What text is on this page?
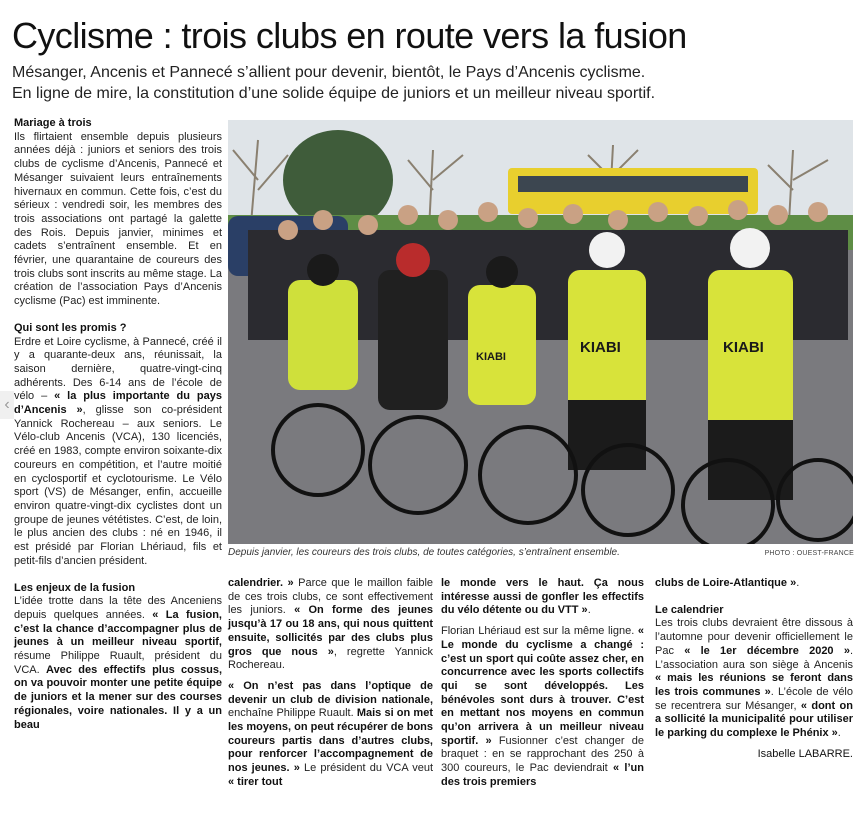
Cyclisme : trois clubs en route vers la fusion

Mésanger, Ancenis et Pannecé s’allient pour devenir, bientôt, le Pays d’Ancenis cyclisme.

En ligne de mire, la constitution d’une solide équipe de juniors et un meilleur niveau sportif.

‹

Mariage à trois

Ils flirtaient ensemble depuis plusieurs années déjà : juniors et seniors des trois clubs de cyclisme d’Ancenis, Pannecé et Mésanger suivaient leurs entraînements hivernaux en commun. Cette fois, c’est du sérieux : vendredi soir, les membres des trois associations ont partagé la galette des Rois. Depuis janvier, minimes et cadets s’entraînent ensemble. Et en février, une quarantaine de coureurs des trois clubs sont inscrits au même stage. La création de l’association Pays d’Ancenis cyclisme (Pac) est imminente.

Qui sont les promis ?

Erdre et Loire cyclisme, à Pannecé, créé il y a quarante-deux ans, réunissait, la saison dernière, quatre-vingt-cinq adhérents. Des 6-14 ans de l’école de vélo – « la plus importante du pays d’Ancenis », glisse son co-président Yannick Rochereau – aux seniors. Le Vélo-club Ancenis (VCA), 130 licenciés, créé en 1983, compte environ soixante-dix coureurs en compétition, et l’autre moitié en cyclosportif et cyclotourisme. Le Vélo sport (VS) de Mésanger, enfin, accueille environ quatre-vingt-dix cyclistes dont un groupe de jeunes vététistes. C’est, de loin, le plus ancien des clubs : né en 1946, il est présidé par Florian Lhériaud, fils et petit-fils d’ancien président.

Les enjeux de la fusion

L’idée trotte dans la tête des Anceniens depuis quelques années. « La fusion, c’est la chance d’accompagner plus de jeunes à un meilleur niveau sportif, résume Philippe Ruault, président du VCA. Avec des effectifs plus cossus, on va pouvoir monter une petite équipe de juniors et la mener sur des courses régionales, voire nationales. Il y a un beau

KIABI	KIABI
KIABI
Depuis janvier, les coureurs des trois clubs, de toutes catégories, s’entraînent ensemble.	PHOTO : OUEST-FRANCE

calendrier. » Parce que le maillon faible de ces trois clubs, ce sont effectivement les juniors. « On forme des jeunes jusqu’à 17 ou 18 ans, qui nous quittent ensuite, sollicités par des clubs plus gros que nous », regrette Yannick Rochereau.

« On n’est pas dans l’optique de devenir un club de division nationale, enchaîne Philippe Ruault. Mais si on met les moyens, on peut récupérer de bons coureurs partis dans d’autres clubs, pour renforcer l’accompagnement de nos jeunes. » Le président du VCA veut « tirer tout

le monde vers le haut. Ça nous intéresse aussi de gonfler les effectifs du vélo détente ou du VTT ».

Florian Lhériaud est sur la même ligne. « Le monde du cyclisme a changé : c’est un sport qui coûte assez cher, en concurrence avec les sports collectifs qui se sont développés. Les bénévoles sont durs à trouver. C’est en mettant nos moyens en commun qu’on arrivera à un meilleur niveau sportif. » Fusionner c’est changer de braquet : en se rapprochant des 250 à 300 coureurs, le Pac deviendrait « l’un des trois premiers

clubs de Loire-Atlantique ».

Le calendrier

Les trois clubs devraient être dissous à l’automne pour devenir officiellement le Pac « le 1er décembre 2020 ». L’association aura son siège à Ancenis « mais les réunions se feront dans les trois communes ». L’école de vélo se recentrera sur Mésanger, « dont on a sollicité la municipalité pour utiliser le parking du complexe le Phénix ».

Isabelle LABARRE.
